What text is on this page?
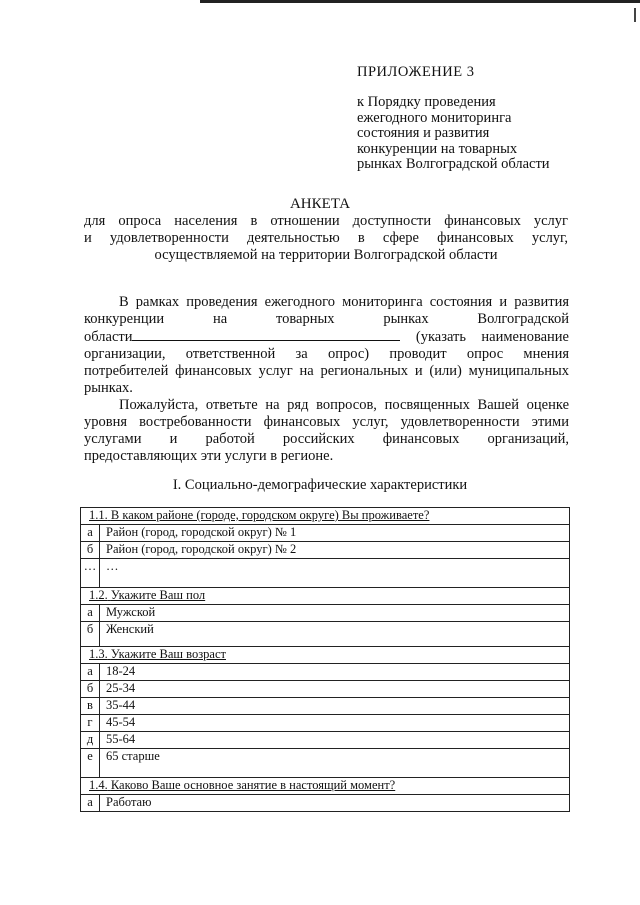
ПРИЛОЖЕНИЕ 3
к Порядку проведения
ежегодного мониторинга
состояния и развития
конкуренции на товарных
рынках Волгоградской области
АНКЕТА
для опроса населения в отношении доступности финансовых услуг
и удовлетворенности деятельностью в сфере финансовых услуг,
осуществляемой на территории Волгоградской области
В рамках проведения ежегодного мониторинга состояния и развития
конкуренции на товарных рынках Волгоградской
области	(указать наименование
организации, ответственной за опрос) проводит опрос мнения
потребителей финансовых услуг на региональных и (или) муниципальных
рынках.
Пожалуйста, ответьте на ряд вопросов, посвященных Вашей оценке
уровня востребованности финансовых услуг, удовлетворенности этими
услугами и работой российских финансовых организаций,
предоставляющих эти услуги в регионе.
I. Социально-демографические характеристики
1.1. В каком районе (городе, городском округе) Вы проживаете?	
а	Район (город, городской округ) № 1
б	Район (город, городской округ) № 2
…	…
1.2. Укажите Ваш пол	
а	Мужской
б	Женский
1.3. Укажите Ваш возраст	
а	18-24
б	25-34
в	35-44
г	45-54
д	55-64
е	65 старше
1.4. Каково Ваше основное занятие в настоящий момент?	
а	Работаю
